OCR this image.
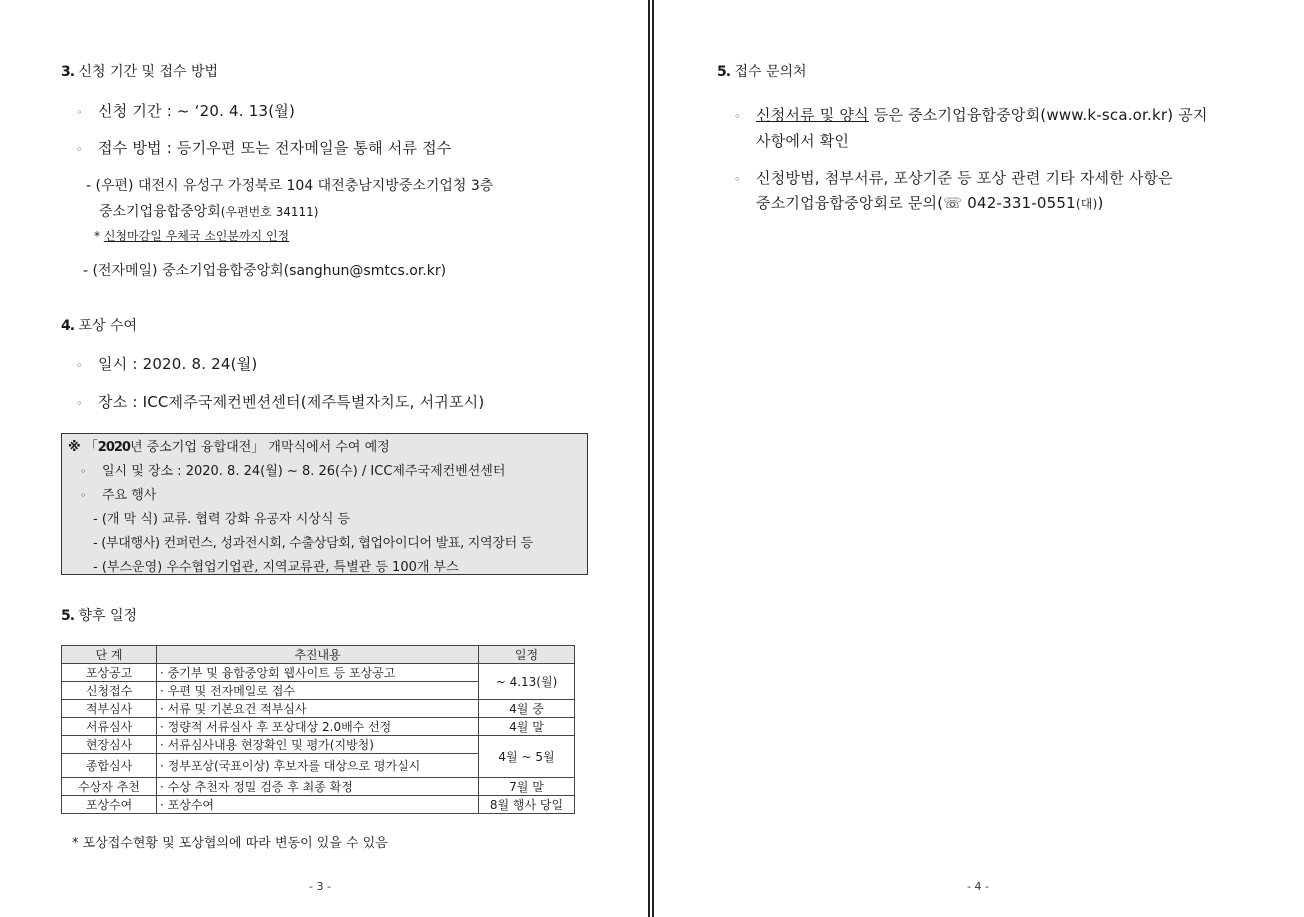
3. 신청 기간 및 접수 방법
◦ 신청 기간 : ~ ‘20. 4. 13(월)
◦ 접수 방법 : 등기우편 또는 전자메일을 통해 서류 접수
- (우편) 대전시 유성구 가정북로 104 대전충남지방중소기업청 3층
중소기업융합중앙회(우편번호 34111)
* 신청마감일 우체국 소인분까지 인정
- (전자메일) 중소기업융합중앙회(sanghun@smtcs.or.kr)
4. 포상 수여
◦ 일시 : 2020. 8. 24(월)
◦ 장소 : ICC제주국제컨벤션센터(제주특별자치도, 서귀포시)
※ 「2020년 중소기업 융합대전」 개막식에서 수여 예정
◦ 일시 및 장소 : 2020. 8. 24(월) ~ 8. 26(수) / ICC제주국제컨벤션센터
◦ 주요 행사
- (개 막 식) 교류. 협력 강화 유공자 시상식 등
- (부대행사) 컨퍼런스, 성과전시회, 수출상담회, 협업아이디어 발표, 지역장터 등
- (부스운영) 우수협업기업관, 지역교류관, 특별관 등 100개 부스
5. 향후 일정
단 계	추진내용	일정
포상공고	· 중기부 및 융합중앙회 웹사이트 등 포상공고	~ 4.13(월)
신청접수	· 우편 및 전자메일로 접수	
적부심사	· 서류 및 기본요건 적부심사	4월 중
서류심사	· 정량적 서류심사 후 포상대상 2.0배수 선정	4월 말
현장심사	· 서류심사내용 현장확인 및 평가(지방청)	4월 ~ 5월
종합심사	· 정부포상(국표이상) 후보자를 대상으로 평가실시	
수상자 추천	· 수상 추천자 정밀 검증 후 최종 확정	7월 말
포상수여	· 포상수여	8월 행사 당일
* 포상접수현황 및 포상협의에 따라 변동이 있을 수 있음
- 3 -
5. 접수 문의처
◦ 신청서류 및 양식 등은 중소기업융합중앙회(www.k-sca.or.kr) 공지
사항에서 확인
◦ 신청방법, 첨부서류, 포상기준 등 포상 관련 기타 자세한 사항은
중소기업융합중앙회로 문의(☏ 042-331-0551(대))
- 4 -
